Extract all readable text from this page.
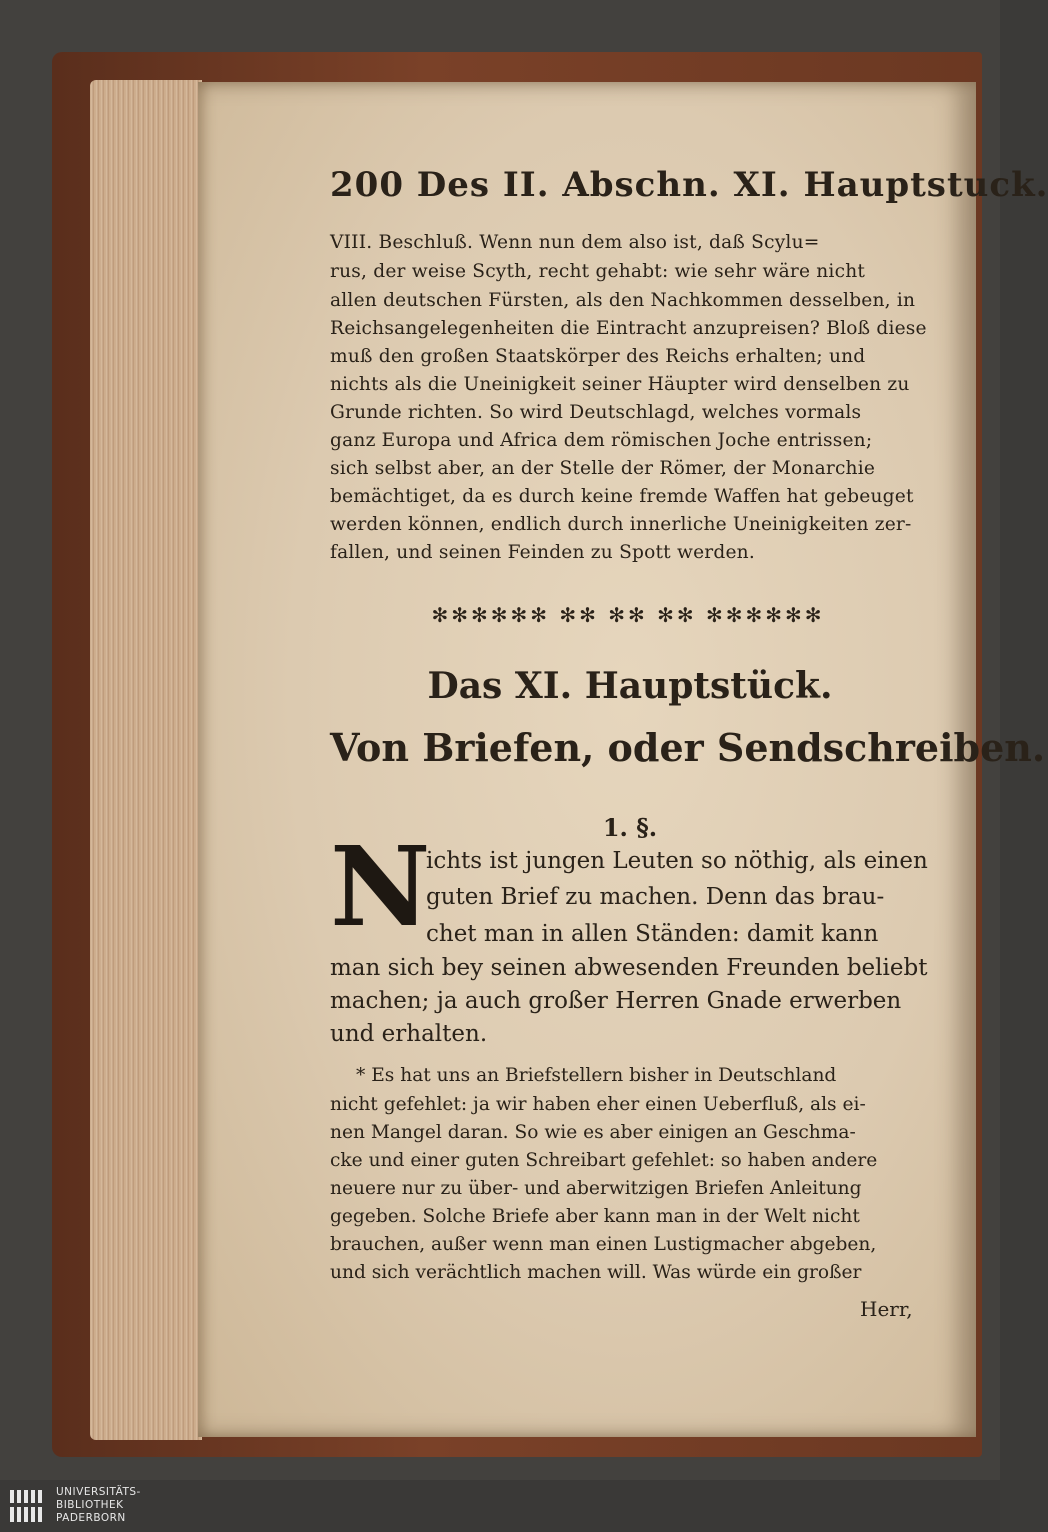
200 Des II. Abschn. XI. Hauptstuck.
VIII. Beschluß. Wenn nun dem also ist, daß Scylu=
rus, der weise Scyth, recht gehabt: wie sehr wäre nicht
allen deutschen Fürsten, als den Nachkommen desselben, in
Reichsangelegenheiten die Eintracht anzupreisen? Bloß diese
muß den großen Staatskörper des Reichs erhalten; und
nichts als die Uneinigkeit seiner Häupter wird denselben zu
Grunde richten. So wird Deutschlagd, welches vormals
ganz Europa und Africa dem römischen Joche entrissen;
sich selbst aber, an der Stelle der Römer, der Monarchie
bemächtiget, da es durch keine fremde Waffen hat gebeuget
werden können, endlich durch innerliche Uneinigkeiten zer-
fallen, und seinen Feinden zu Spott werden.
✻✻✻✻✻✻ ✻✻ ✻✻ ✻✻ ✻✻✻✻✻✻
Das XI. Hauptstück.
Von Briefen, oder Sendschreiben.
1. §.
N
ichts ist jungen Leuten so nöthig, als einen
guten Brief zu machen. Denn das brau-
chet man in allen Ständen: damit kann
man sich bey seinen abwesenden Freunden beliebt
machen; ja auch großer Herren Gnade erwerben
und erhalten.
* Es hat uns an Briefstellern bisher in Deutschland
nicht gefehlet: ja wir haben eher einen Ueberfluß, als ei-
nen Mangel daran. So wie es aber einigen an Geschma-
cke und einer guten Schreibart gefehlet: so haben andere
neuere nur zu über- und aberwitzigen Briefen Anleitung
gegeben. Solche Briefe aber kann man in der Welt nicht
brauchen, außer wenn man einen Lustigmacher abgeben,
und sich verächtlich machen will. Was würde ein großer
Herr,
UNIVERSITÄTS-
BIBLIOTHEK
PADERBORN
